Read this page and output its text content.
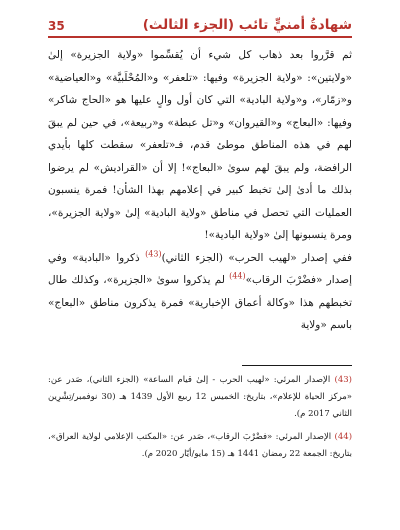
شهادةُ أمنيٍّ تائب (الجزء الثالث)
35

ثم قرَّروا بعد ذهاب كل شيء أن يُقسِّموا «ولاية الجزيرة» إلىٰ «ولايتين»: «ولاية الجزيرة» وفيها: «تلعفر» و«المُحْلَبيَّة» و«العياضية» و«زمّار»، و«ولاية البادية» التي كان أول والٍ عليها هو «الحاج شاكر» وفيها: «البعاج» و«القيروان» و«تل عبطة» و«ربيعة»، في حين لم يبقَ لهم في هذه المناطق موطئ قدم، فـ«تلعفر» سقطت كلها بأيدي الرافضة، ولم يبقَ لهم سوىٰ «البعاج»! إلا أن «القراديش» لم يرضوا بذلك ما أدىٰ إلىٰ تخبط كبير في إعلامهم بهذا الشأن! فمرة ينسبون العمليات التي تحصل في مناطق «ولاية البادية» إلىٰ «ولاية الجزيرة»، ومرة ينسبونها إلىٰ «ولاية البادية»!

ففي إصدار «لهيب الحرب» (الجزء الثاني)$^{(43)}$ ذكروا «البادية» وفي إصدار «فضْرْبَ الرقاب»$^{(44)}$ لم يذكروا سوىٰ «الجزيرة»، وكذلك طال تخبطهم هذا «وكالة أعماق الإخبارية» فمرة يذكرون مناطق «البعاج» باسم «ولاية

(43) الإصدار المرئي: «لهيب الحرب - إلىٰ قيام الساعة» (الجزء الثاني)، صَدر عن: «مركز الحياة للإعلام»، بتاريخ: الخميس 12 ربيع الأول 1439 هـ (30 نوفمبر/تِشْرِين الثاني 2017 م).

(44) الإصدار المرئي: «فضْرْبَ الرقاب»، صَدر عن: «المكتب الإعلامي لولاية العراق»، بتاريخ: الجمعة 22 رمضان 1441 هـ (15 مايو/أيّار 2020 م).
